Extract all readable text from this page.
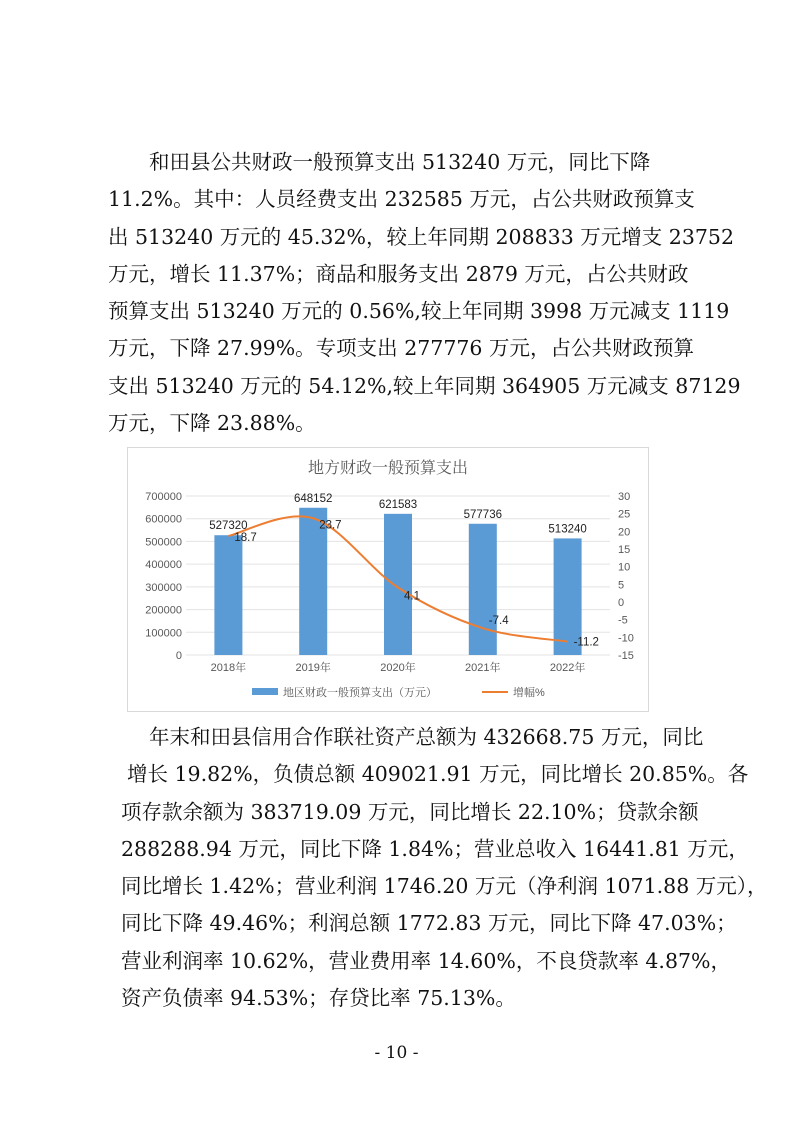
和田县公共财政一般预算支出 513240 万元，同比下降
11.2%。其中：人员经费支出 232585 万元，占公共财政预算支
出 513240 万元的 45.32%，较上年同期 208833 万元增支 23752
万元，增长 11.37%；商品和服务支出 2879 万元，占公共财政
预算支出 513240 万元的 0.56%,较上年同期 3998 万元减支 1119
万元，下降 27.99%。专项支出 277776 万元，占公共财政预算
支出 513240 万元的 54.12%,较上年同期 364905 万元减支 87129
万元，下降 23.88%。
地方财政一般预算支出
0
100000
200000
300000
400000
500000
600000
700000
-15
-10
-5
0
5
10
15
20
25
30
527320
648152
621583
577736
513240
2018年	2019年	2020年	2021年	2022年
18.7
23.7
4.1
-7.4
-11.2
地区财政一般预算支出（万元）	增幅%
年末和田县信用合作联社资产总额为 432668.75 万元，同比
增长 19.82%，负债总额 409021.91 万元，同比增长 20.85%。各
项存款余额为 383719.09 万元，同比增长 22.10%；贷款余额
288288.94 万元，同比下降 1.84%；营业总收入 16441.81 万元，
同比增长 1.42%；营业利润 1746.20 万元（净利润 1071.88 万元），
同比下降 49.46%；利润总额 1772.83 万元，同比下降 47.03%；
营业利润率 10.62%，营业费用率 14.60%，不良贷款率 4.87%，
资产负债率 94.53%；存贷比率 75.13%。
- 10 -
